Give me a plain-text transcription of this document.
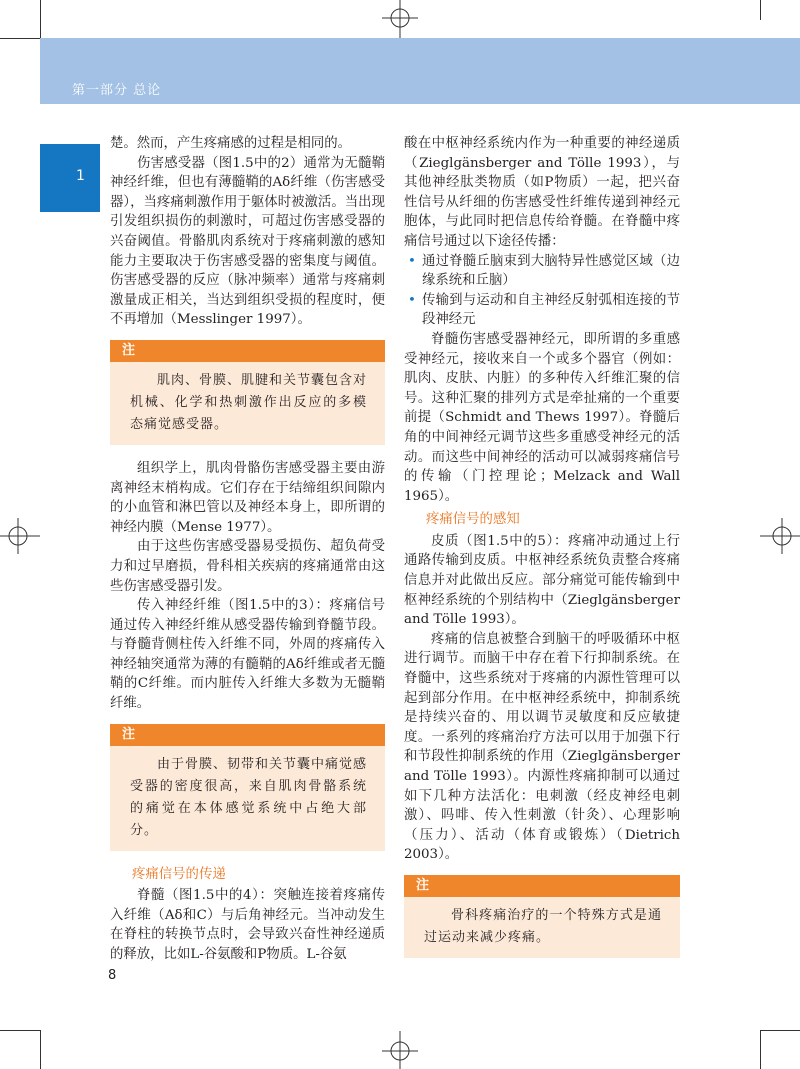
第一部分 总论
1

楚。然而，产生疼痛感的过程是相同的。

伤害感受器（图1.5中的2）通常为无髓鞘神经纤维，但也有薄髓鞘的Aδ纤维（伤害感受器），当疼痛刺激作用于躯体时被激活。当出现引发组织损伤的刺激时，可超过伤害感受器的兴奋阈值。骨骼肌肉系统对于疼痛刺激的感知能力主要取决于伤害感受器的密集度与阈值。伤害感受器的反应（脉冲频率）通常与疼痛刺激量成正相关，当达到组织受损的程度时，便不再增加（Messlinger 1997）。

注
肌肉、骨膜、肌腱和关节囊包含对机械、化学和热刺激作出反应的多模态痛觉感受器。

组织学上，肌肉骨骼伤害感受器主要由游离神经末梢构成。它们存在于结缔组织间隙内的小血管和淋巴管以及神经本身上，即所谓的神经内膜（Mense 1977）。

由于这些伤害感受器易受损伤、超负荷受力和过早磨损，骨科相关疾病的疼痛通常由这些伤害感受器引发。

传入神经纤维（图1.5中的3）：疼痛信号通过传入神经纤维从感受器传输到脊髓节段。与脊髓背侧柱传入纤维不同，外周的疼痛传入神经轴突通常为薄的有髓鞘的Aδ纤维或者无髓鞘的C纤维。而内脏传入纤维大多数为无髓鞘纤维。

注
由于骨膜、韧带和关节囊中痛觉感受器的密度很高，来自肌肉骨骼系统的痛觉在本体感觉系统中占绝大部分。
疼痛信号的传递

脊髓（图1.5中的4）：突触连接着疼痛传入纤维（Aδ和C）与后角神经元。当冲动发生在脊柱的转换节点时，会导致兴奋性神经递质的释放，比如L-谷氨酸和P物质。L-谷氨

酸在中枢神经系统内作为一种重要的神经递质（Zieglgänsberger and Tölle 1993），与其他神经肽类物质（如P物质）一起，把兴奋性信号从纤细的伤害感受性纤维传递到神经元胞体，与此同时把信息传给脊髓。在脊髓中疼痛信号通过以下途径传播：

• 通过脊髓丘脑束到大脑特异性感觉区域（边缘系统和丘脑）
• 传输到与运动和自主神经反射弧相连接的节段神经元

脊髓伤害感受器神经元，即所谓的多重感受神经元，接收来自一个或多个器官（例如：肌肉、皮肤、内脏）的多种传入纤维汇聚的信号。这种汇聚的排列方式是牵扯痛的一个重要前提（Schmidt and Thews 1997）。脊髓后角的中间神经元调节这些多重感受神经元的活动。而这些中间神经的活动可以减弱疼痛信号的传输（门控理论；Melzack and Wall 1965）。

疼痛信号的感知

皮质（图1.5中的5）：疼痛冲动通过上行通路传输到皮质。中枢神经系统负责整合疼痛信息并对此做出反应。部分痛觉可能传输到中枢神经系统的个别结构中（Zieglgänsberger and Tölle 1993）。

疼痛的信息被整合到脑干的呼吸循环中枢进行调节。而脑干中存在着下行抑制系统。在脊髓中，这些系统对于疼痛的内源性管理可以起到部分作用。在中枢神经系统中，抑制系统是持续兴奋的、用以调节灵敏度和反应敏捷度。一系列的疼痛治疗方法可以用于加强下行和节段性抑制系统的作用（Zieglgänsberger and Tölle 1993）。内源性疼痛抑制可以通过如下几种方法活化：电刺激（经皮神经电刺激）、吗啡、传入性刺激（针灸）、心理影响（压力）、活动（体育或锻炼）（Dietrich 2003）。

注
骨科疼痛治疗的一个特殊方式是通过运动来减少疼痛。
8
